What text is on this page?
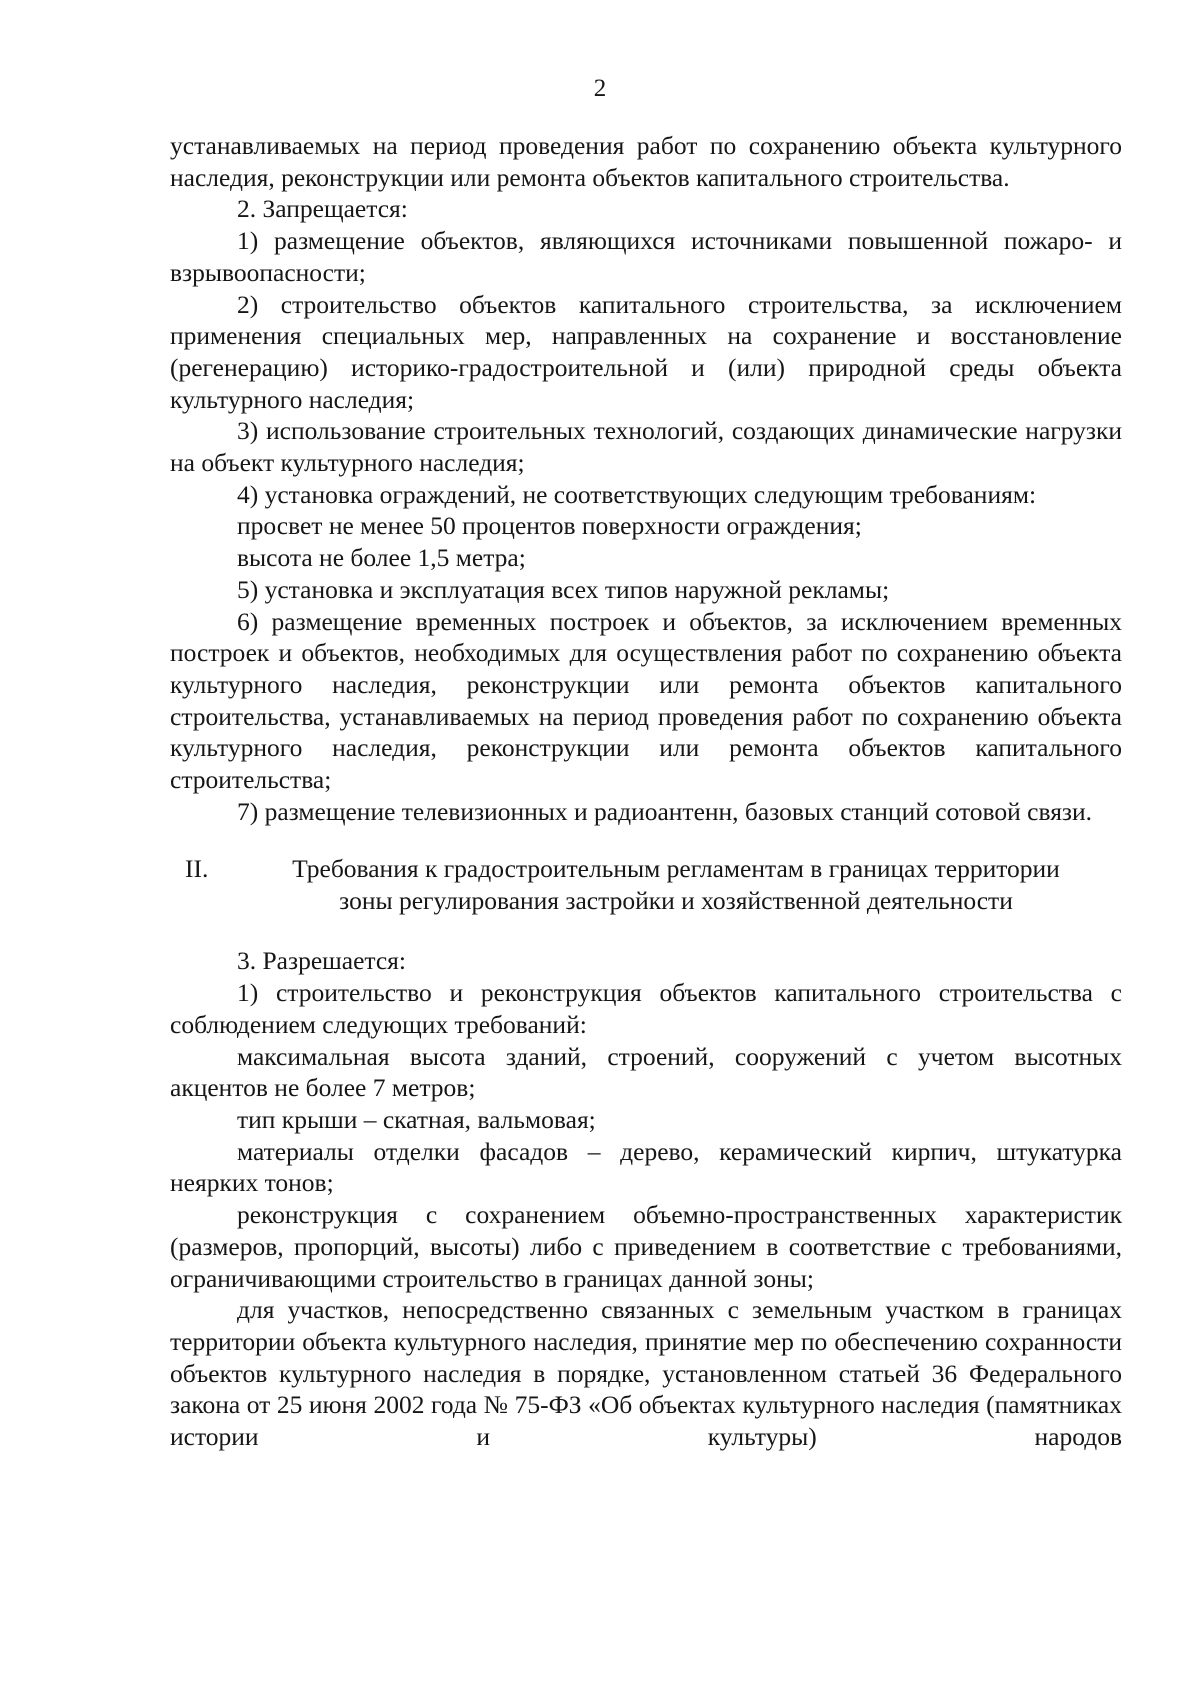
2

устанавливаемых на период проведения работ по сохранению объекта культурного наследия, реконструкции или ремонта объектов капитального строительства.

2. Запрещается:

1) размещение объектов, являющихся источниками повышенной пожаро- и взрывоопасности;

2) строительство объектов капитального строительства, за исключением применения специальных мер, направленных на сохранение и восстановление (регенерацию) историко-градостроительной и (или) природной среды объекта культурного наследия;

3) использование строительных технологий, создающих динамические нагрузки на объект культурного наследия;

4) установка ограждений, не соответствующих следующим требованиям:

просвет не менее 50 процентов поверхности ограждения;

высота не более 1,5 метра;

5) установка и эксплуатация всех типов наружной рекламы;

6) размещение временных построек и объектов, за исключением временных построек и объектов, необходимых для осуществления работ по сохранению объекта культурного наследия, реконструкции или ремонта объектов капитального строительства, устанавливаемых на период проведения работ по сохранению объекта культурного наследия, реконструкции или ремонта объектов капитального строительства;

7) размещение телевизионных и радиоантенн, базовых станций сотовой связи.

II.	Требования к градостроительным регламентам в границах территории
зоны регулирования застройки и хозяйственной деятельности

3. Разрешается:

1) строительство и реконструкция объектов капитального строительства с соблюдением следующих требований:

максимальная высота зданий, строений, сооружений с учетом высотных акцентов не более 7 метров;

тип крыши – скатная, вальмовая;

материалы отделки фасадов – дерево, керамический кирпич, штукатурка неярких тонов;

реконструкция с сохранением объемно-пространственных характеристик (размеров, пропорций, высоты) либо с приведением в соответствие с требованиями, ограничивающими строительство в границах данной зоны;

для участков, непосредственно связанных с земельным участком в границах территории объекта культурного наследия, принятие мер по обеспечению сохранности объектов культурного наследия в порядке, установленном статьей 36 Федерального закона от 25 июня 2002 года № 75-ФЗ «Об объектах культурного наследия (памятниках истории и культуры) народов
